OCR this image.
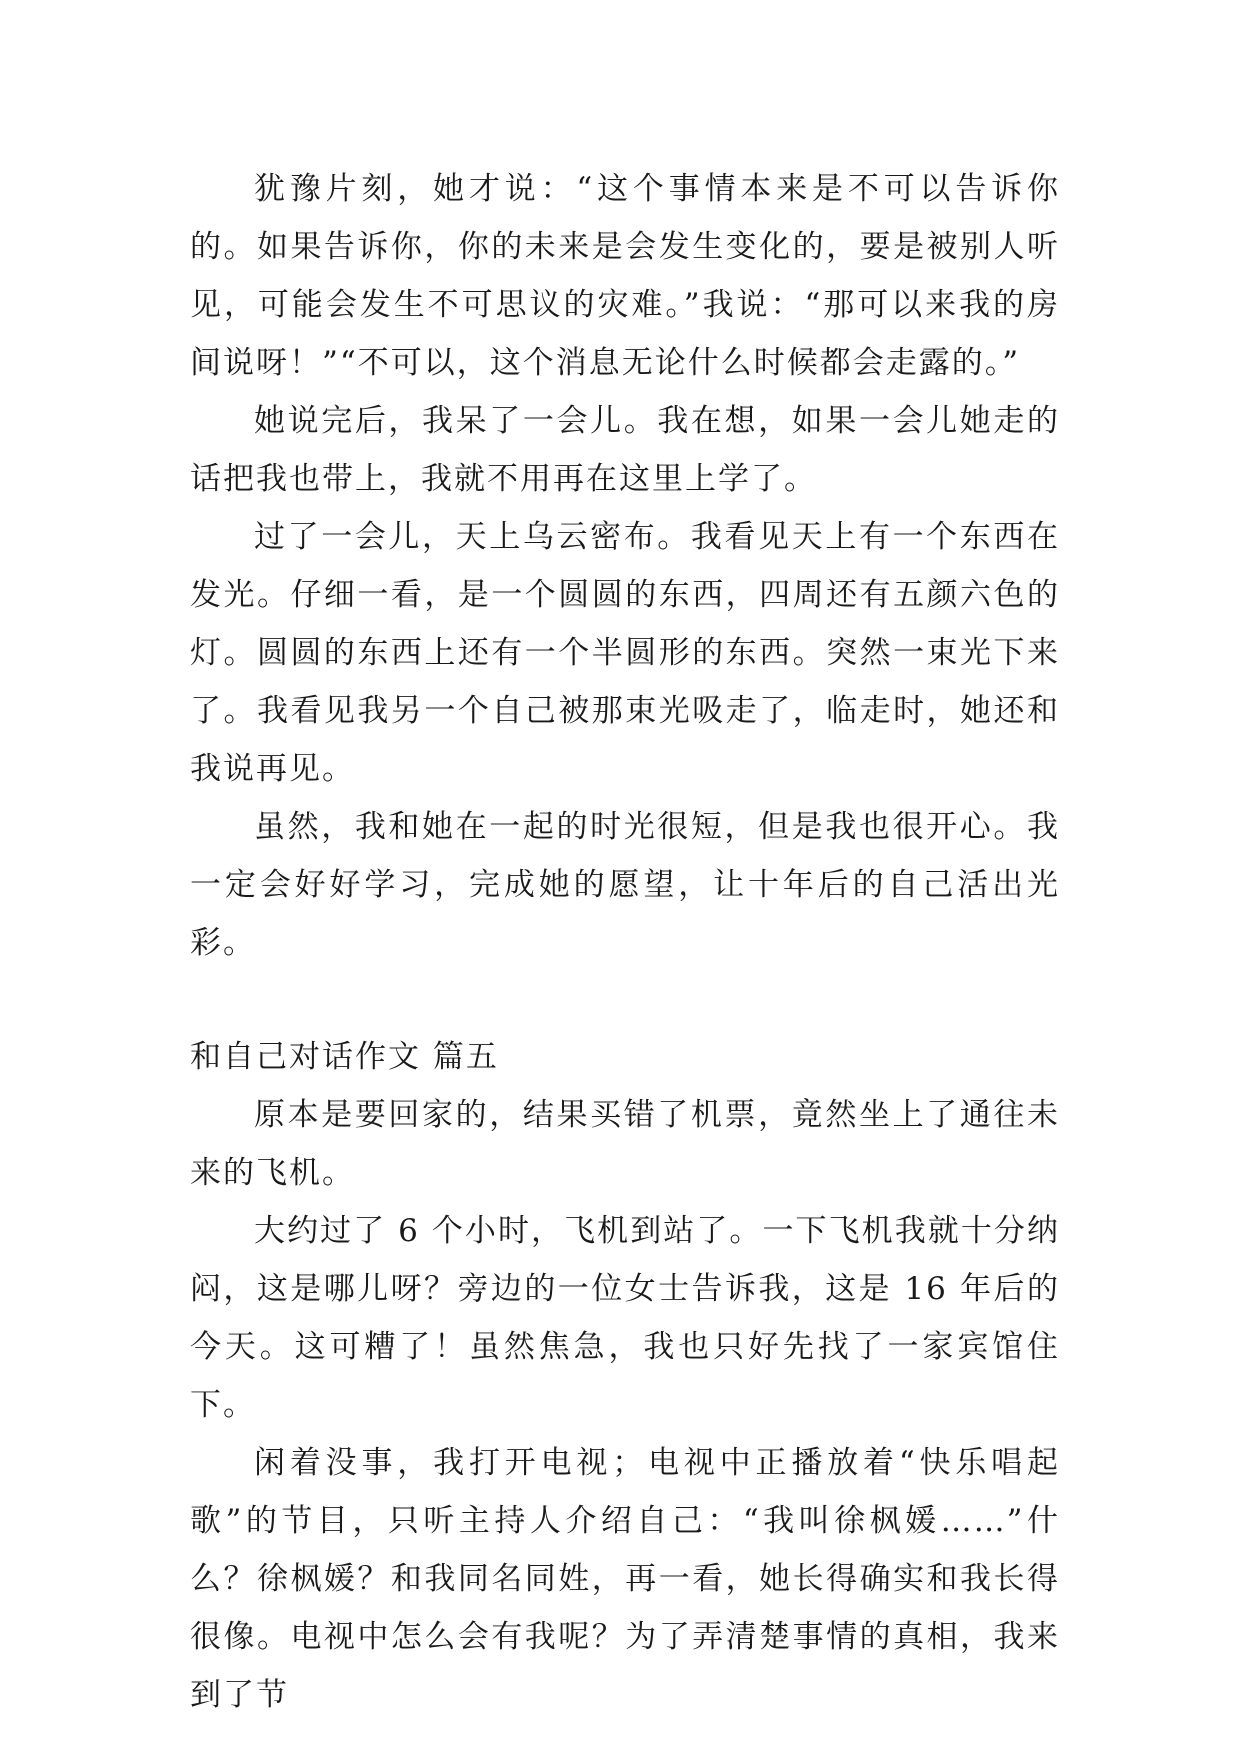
犹豫片刻，她才说：“这个事情本来是不可以告诉你的。如果告诉你，你的未来是会发生变化的，要是被别人听见，可能会发生不可思议的灾难。”我说：“那可以来我的房间说呀！”“不可以，这个消息无论什么时候都会走露的。”

她说完后，我呆了一会儿。我在想，如果一会儿她走的话把我也带上，我就不用再在这里上学了。

过了一会儿，天上乌云密布。我看见天上有一个东西在发光。仔细一看，是一个圆圆的东西，四周还有五颜六色的灯。圆圆的东西上还有一个半圆形的东西。突然一束光下来了。我看见我另一个自己被那束光吸走了，临走时，她还和我说再见。

虽然，我和她在一起的时光很短，但是我也很开心。我一定会好好学习，完成她的愿望，让十年后的自己活出光彩。

和自己对话作文 篇五

原本是要回家的，结果买错了机票，竟然坐上了通往未来的飞机。

大约过了 6 个小时，飞机到站了。一下飞机我就十分纳闷，这是哪儿呀？旁边的一位女士告诉我，这是 16 年后的今天。这可糟了！虽然焦急，我也只好先找了一家宾馆住下。

闲着没事，我打开电视；电视中正播放着“快乐唱起歌”的节目，只听主持人介绍自己：“我叫徐枫媛……”什么？徐枫媛？和我同名同姓，再一看，她长得确实和我长得很像。电视中怎么会有我呢？为了弄清楚事情的真相，我来到了节
